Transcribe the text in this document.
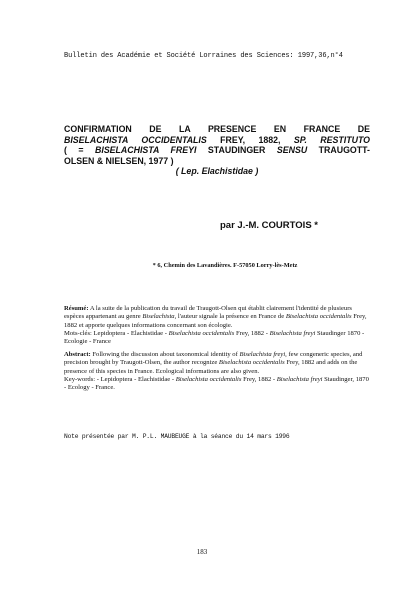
Bulletin des Académie et Société Lorraines des Sciences: 1997,36,n°4
CONFIRMATION DE LA PRESENCE EN FRANCE DE
BISELACHISTA OCCIDENTALIS FREY, 1882, SP. RESTITUTO
( = BISELACHISTA FREYI STAUDINGER SENSU TRAUGOTT-
OLSEN & NIELSEN, 1977 )
( Lep. Elachistidae )
par J.-M. COURTOIS *
* 6, Chemin des Lavandières. F-57050 Lorry-lès-Metz
Résumé: A la suite de la publication du travail de Traugott-Olsen qui établit clairement l'identité de plusieurs espèces appartenant au genre Biselachista, l'auteur signale la présence en France de Biselachista occidentalis Frey, 1882 et apporte quelques informations concernant son écologie.
Mots-clés: Lepidoptera - Elachistidae - Biselachista occidentalis Frey, 1882 - Biselachista freyi Staudinger 1870 - Ecologie - France
Abstract: Following the discussion about taxonomical identity of Biselachista freyi, few congeneric species, and precision brought by Traugott-Olsen, the author recognize Biselachista occidentalis Frey, 1882 and adds on the presence of this species in France. Ecological informations are also given.
Key-words: - Lepidoptera - Elachistidae - Biselachista occidentalis Frey, 1882 - Biselachista freyi Staudinger, 1870 - Ecology - France.
Note présentée par M. P.L. MAUBEUGE à la séance du 14 mars 1996
183
